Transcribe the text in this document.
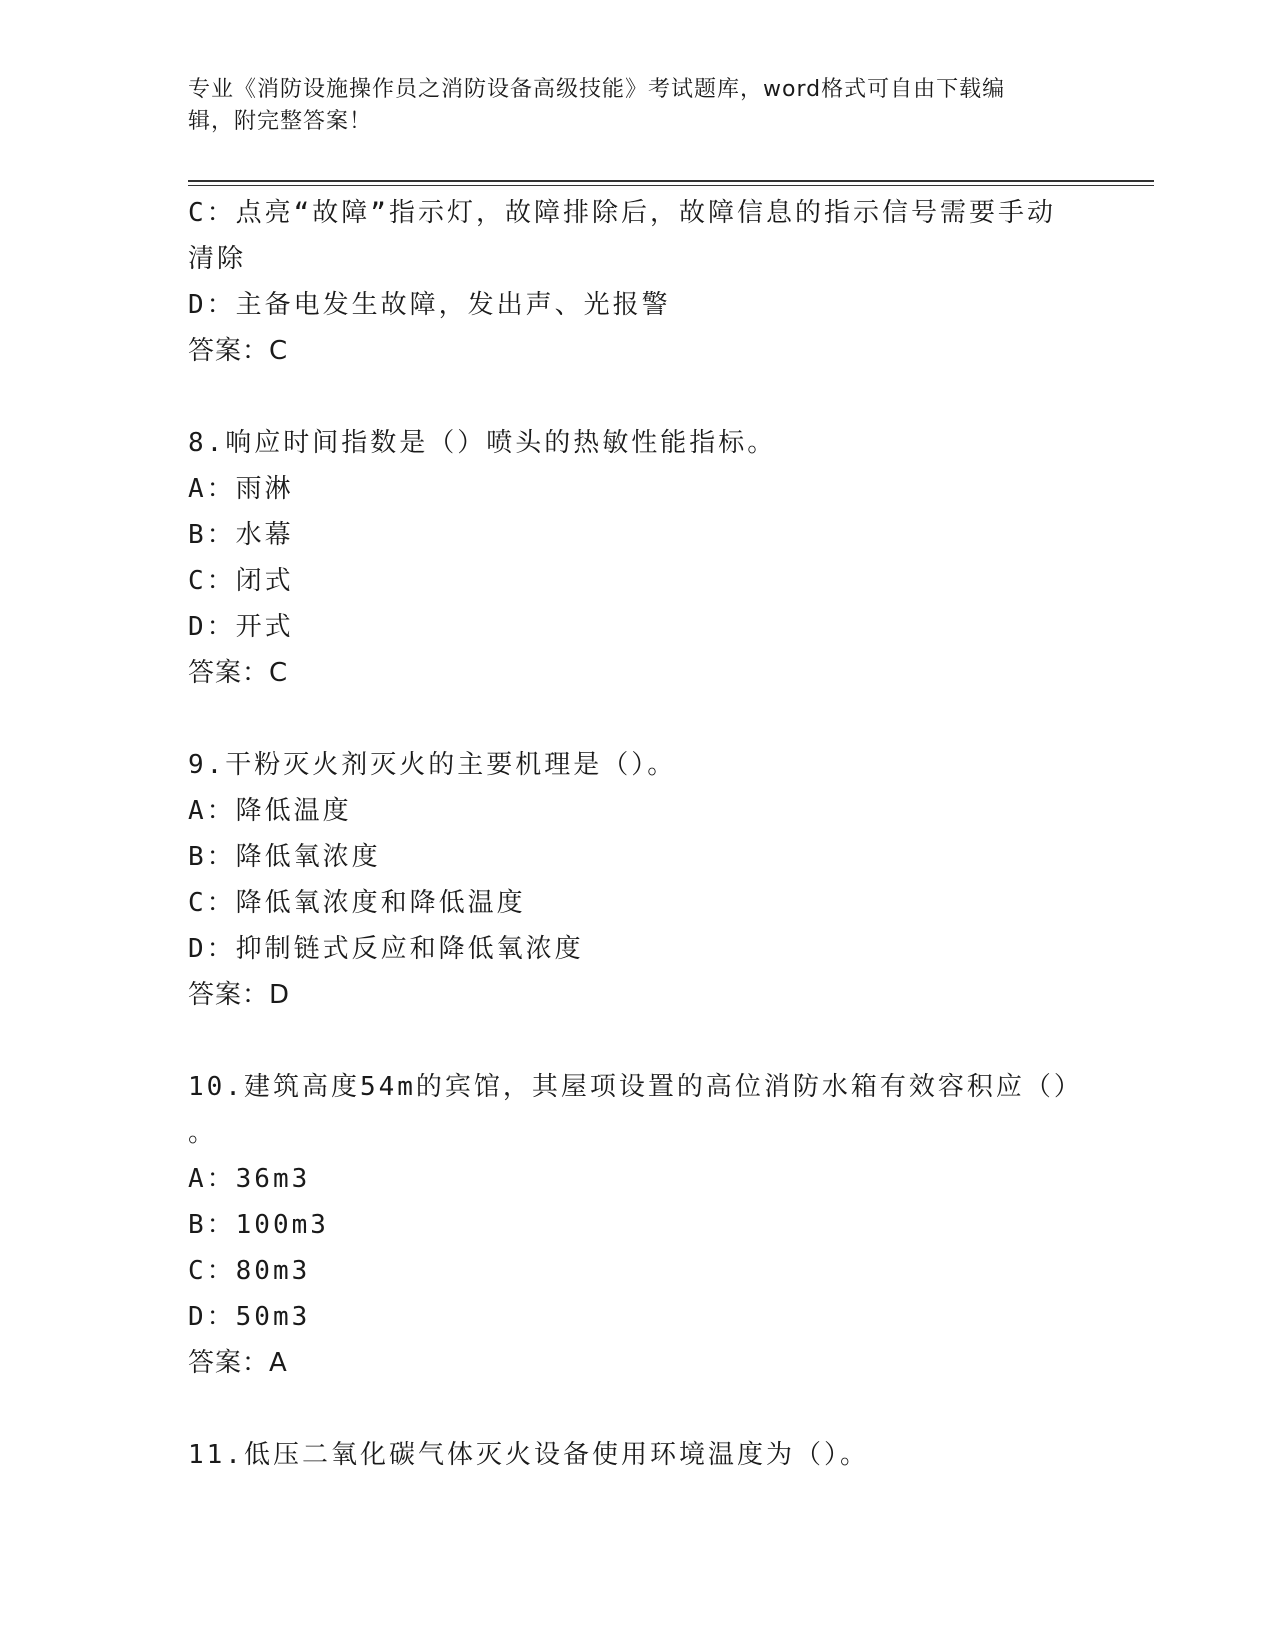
专业《消防设施操作员之消防设备高级技能》考试题库，word格式可自由下载编
辑，附完整答案！
C：点亮“故障”指示灯，故障排除后，故障信息的指示信号需要手动
清除
D：主备电发生故障，发出声、光报警
答案：C
8.响应时间指数是（）喷头的热敏性能指标。
A：雨淋
B：水幕
C：闭式
D：开式
答案：C
9.干粉灭火剂灭火的主要机理是（）。
A：降低温度
B：降低氧浓度
C：降低氧浓度和降低温度
D：抑制链式反应和降低氧浓度
答案：D
10.建筑高度54m的宾馆，其屋项设置的高位消防水箱有效容积应（）
。
A：36m3
B：100m3
C：80m3
D：50m3
答案：A
11.低压二氧化碳气体灭火设备使用环境温度为（）。
